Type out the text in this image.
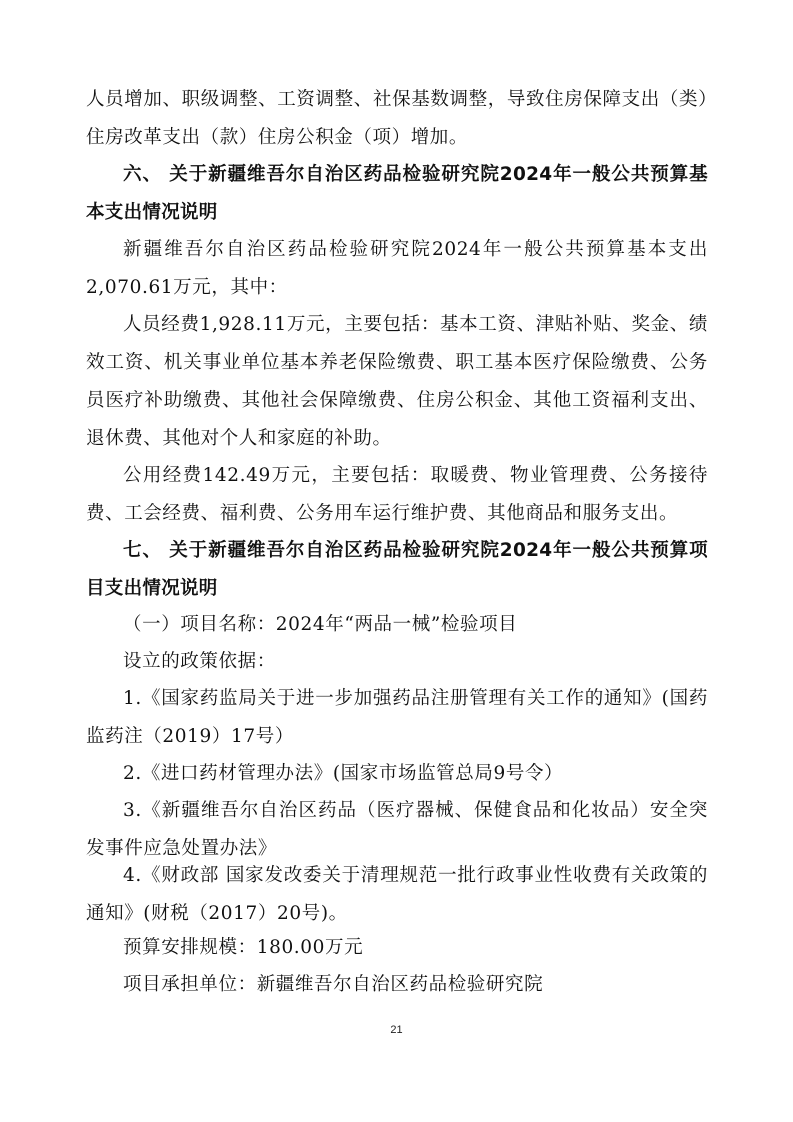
人员增加、职级调整、工资调整、社保基数调整，导致住房保障支出（类）住房改革支出（款）住房公积金（项）增加。

六、 关于新疆维吾尔自治区药品检验研究院2024年一般公共预算基本支出情况说明

新疆维吾尔自治区药品检验研究院2024年一般公共预算基本支出2,070.61万元，其中：

人员经费1,928.11万元，主要包括：基本工资、津贴补贴、奖金、绩效工资、机关事业单位基本养老保险缴费、职工基本医疗保险缴费、公务员医疗补助缴费、其他社会保障缴费、住房公积金、其他工资福利支出、退休费、其他对个人和家庭的补助。

公用经费142.49万元，主要包括：取暖费、物业管理费、公务接待费、工会经费、福利费、公务用车运行维护费、其他商品和服务支出。

七、 关于新疆维吾尔自治区药品检验研究院2024年一般公共预算项目支出情况说明

（一）项目名称：2024年“两品一械”检验项目

设立的政策依据：

1.《国家药监局关于进一步加强药品注册管理有关工作的通知》(国药监药注（2019）17号）

2.《进口药材管理办法》(国家市场监管总局9号令）

3.《新疆维吾尔自治区药品（医疗器械、保健食品和化妆品）安全突发事件应急处置办法》

4.《财政部 国家发改委关于清理规范一批行政事业性收费有关政策的通知》(财税（2017）20号)。

预算安排规模：180.00万元

项目承担单位：新疆维吾尔自治区药品检验研究院

21
